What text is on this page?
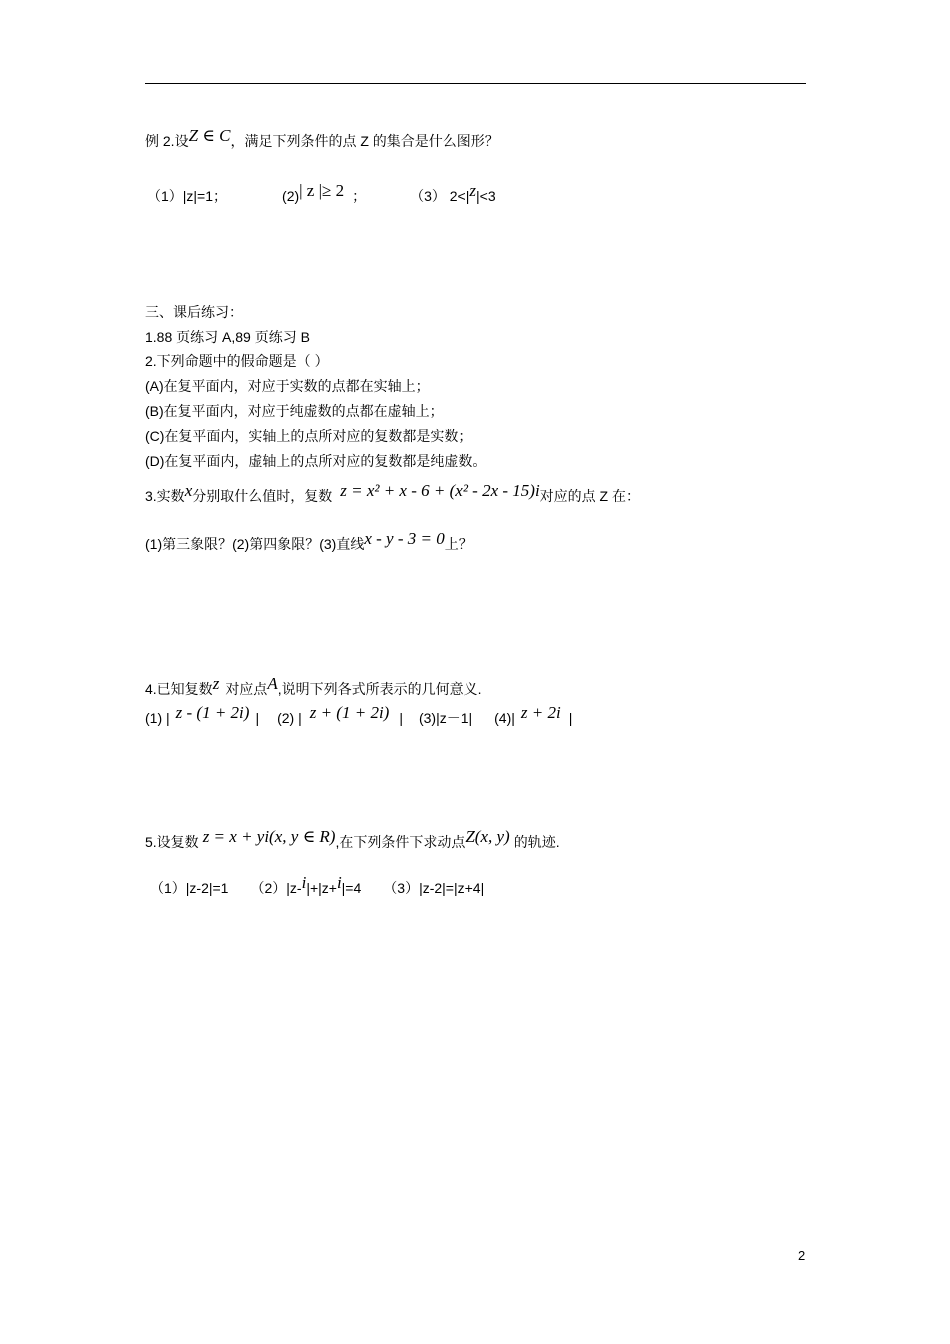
例 2.设Z ∈ C，满足下列条件的点 Z 的集合是什么图形？
（1）|z|=1；	(2)| z |≥ 2 ；	（3） 2<|z|<3
三、课后练习：
1.88 页练习 A,89 页练习 B
2.下列命题中的假命题是（ ）
(A)在复平面内，对应于实数的点都在实轴上；
(B)在复平面内，对应于纯虚数的点都在虚轴上；
(C)在复平面内，实轴上的点所对应的复数都是实数；
(D)在复平面内，虚轴上的点所对应的复数都是纯虚数。
3.实数x分别取什么值时，复数 z = x² + x - 6 + (x² - 2x - 15)i对应的点 Z 在：
(1)第三象限？(2)第四象限？(3)直线x - y - 3 = 0上？
4.已知复数z 对应点A,说明下列各式所表示的几何意义.
(1) | z - (1 + 2i) | (2) | z + (1 + 2i) | (3)|z－1| (4)| z + 2i |
5.设复数 z = x + yi(x, y ∈ R),在下列条件下求动点Z(x, y) 的轨迹.
（1）|z-2|=1 （2）|z-i|+|z+i|=4 （3）|z-2|=|z+4|
2
